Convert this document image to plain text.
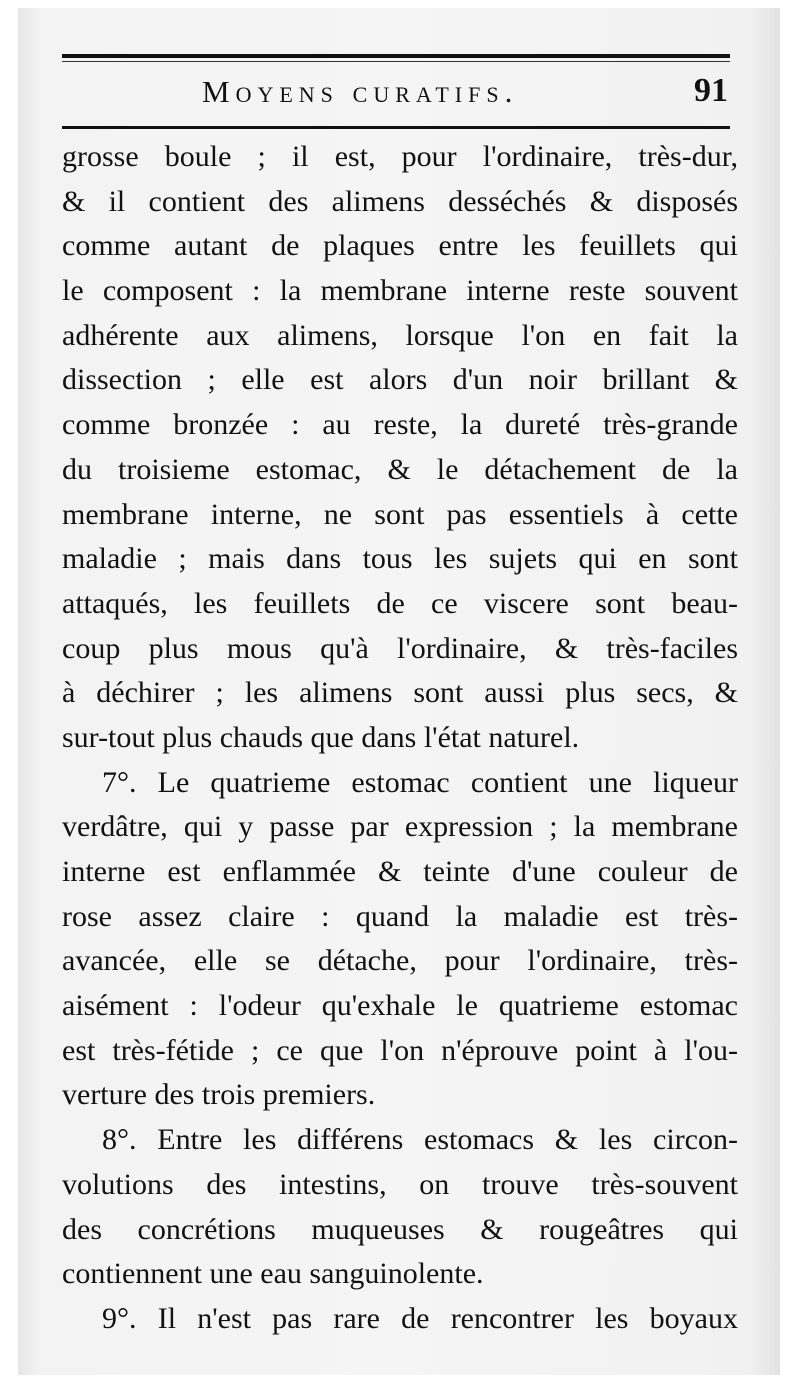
Moyens curatifs.	91
grosse boule ; il est, pour l'ordinaire, très-dur,
& il contient des alimens desséchés & disposés
comme autant de plaques entre les feuillets qui
le composent : la membrane interne reste souvent
adhérente aux alimens, lorsque l'on en fait la
dissection ; elle est alors d'un noir brillant &
comme bronzée : au reste, la dureté très-grande
du troisieme estomac, & le détachement de la
membrane interne, ne sont pas essentiels à cette
maladie ; mais dans tous les sujets qui en sont
attaqués, les feuillets de ce viscere sont beau-
coup plus mous qu'à l'ordinaire, & très-faciles
à déchirer ; les alimens sont aussi plus secs, &
sur-tout plus chauds que dans l'état naturel.
7°. Le quatrieme estomac contient une liqueur
verdâtre, qui y passe par expression ; la membrane
interne est enflammée & teinte d'une couleur de
rose assez claire : quand la maladie est très-
avancée, elle se détache, pour l'ordinaire, très-
aisément : l'odeur qu'exhale le quatrieme estomac
est très-fétide ; ce que l'on n'éprouve point à l'ou-
verture des trois premiers.
8°. Entre les différens estomacs & les circon-
volutions des intestins, on trouve très-souvent
des concrétions muqueuses & rougeâtres qui
contiennent une eau sanguinolente.
9°. Il n'est pas rare de rencontrer les boyaux
